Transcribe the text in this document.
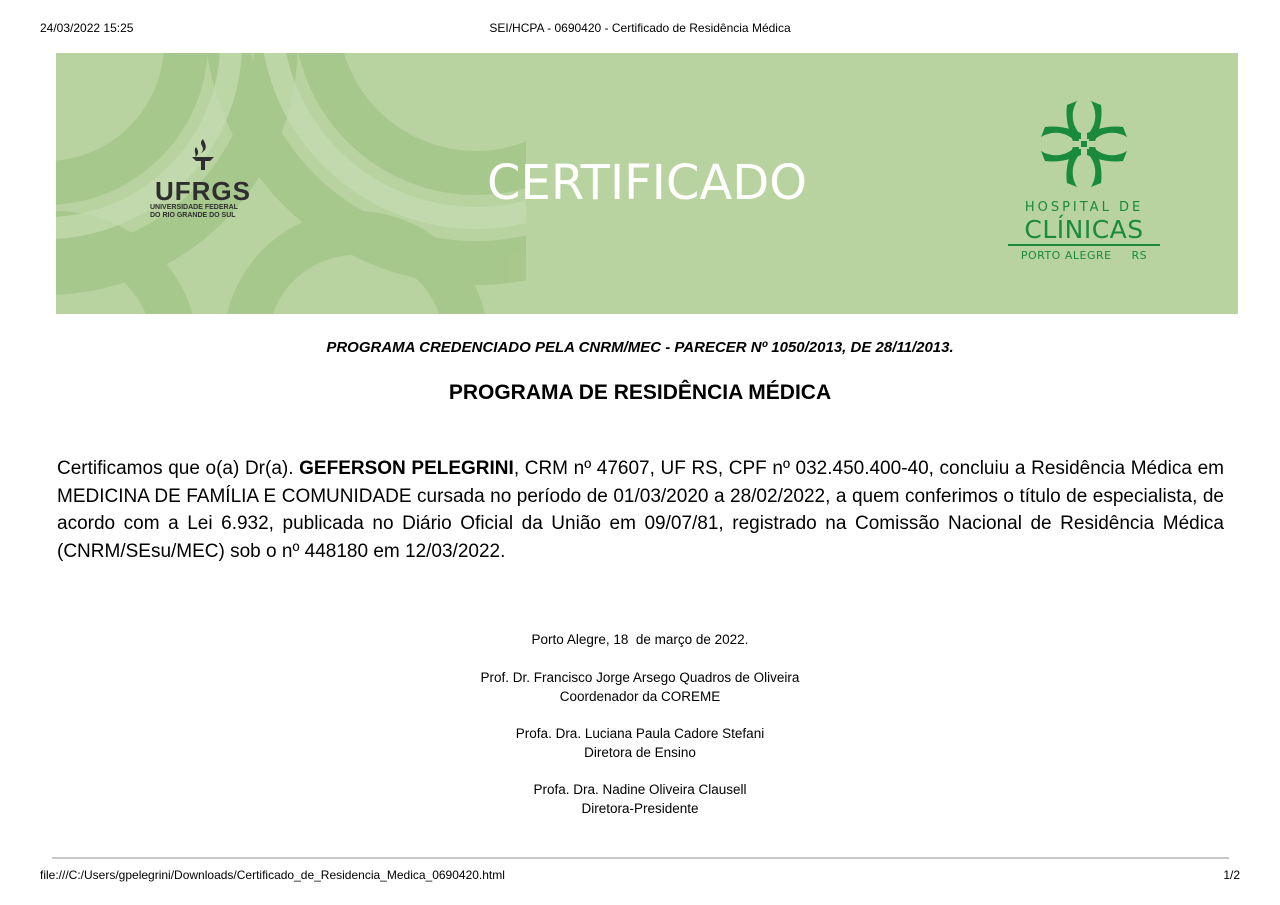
24/03/2022 15:25	SEI/HCPA - 0690420 - Certificado de Residência Médica
UFRGS
UNIVERSIDADE FEDERAL
DO RIO GRANDE DO SUL
CERTIFICADO	HOSPITAL DE
CLÍNICAS
PORTO ALEGRE     RS
PROGRAMA CREDENCIADO PELA CNRM/MEC - PARECER Nº 1050/2013, DE 28/11/2013.
PROGRAMA DE RESIDÊNCIA MÉDICA
Certificamos que o(a) Dr(a). GEFERSON PELEGRINI, CRM nº 47607, UF RS, CPF nº 032.450.400-40, concluiu a Residência Médica em MEDICINA DE FAMÍLIA E COMUNIDADE cursada no período de 01/03/2020 a 28/02/2022, a quem conferimos o título de especialista, de acordo com a Lei 6.932, publicada no Diário Oficial da União em 09/07/81, registrado na Comissão Nacional de Residência Médica (CNRM/SEsu/MEC) sob o nº 448180 em 12/03/2022.
Porto Alegre, 18  de março de 2022.
Prof. Dr. Francisco Jorge Arsego Quadros de Oliveira
Coordenador da COREME
Profa. Dra. Luciana Paula Cadore Stefani
Diretora de Ensino
Profa. Dra. Nadine Oliveira Clausell
Diretora-Presidente
file:///C:/Users/gpelegrini/Downloads/Certificado_de_Residencia_Medica_0690420.html	1/2
